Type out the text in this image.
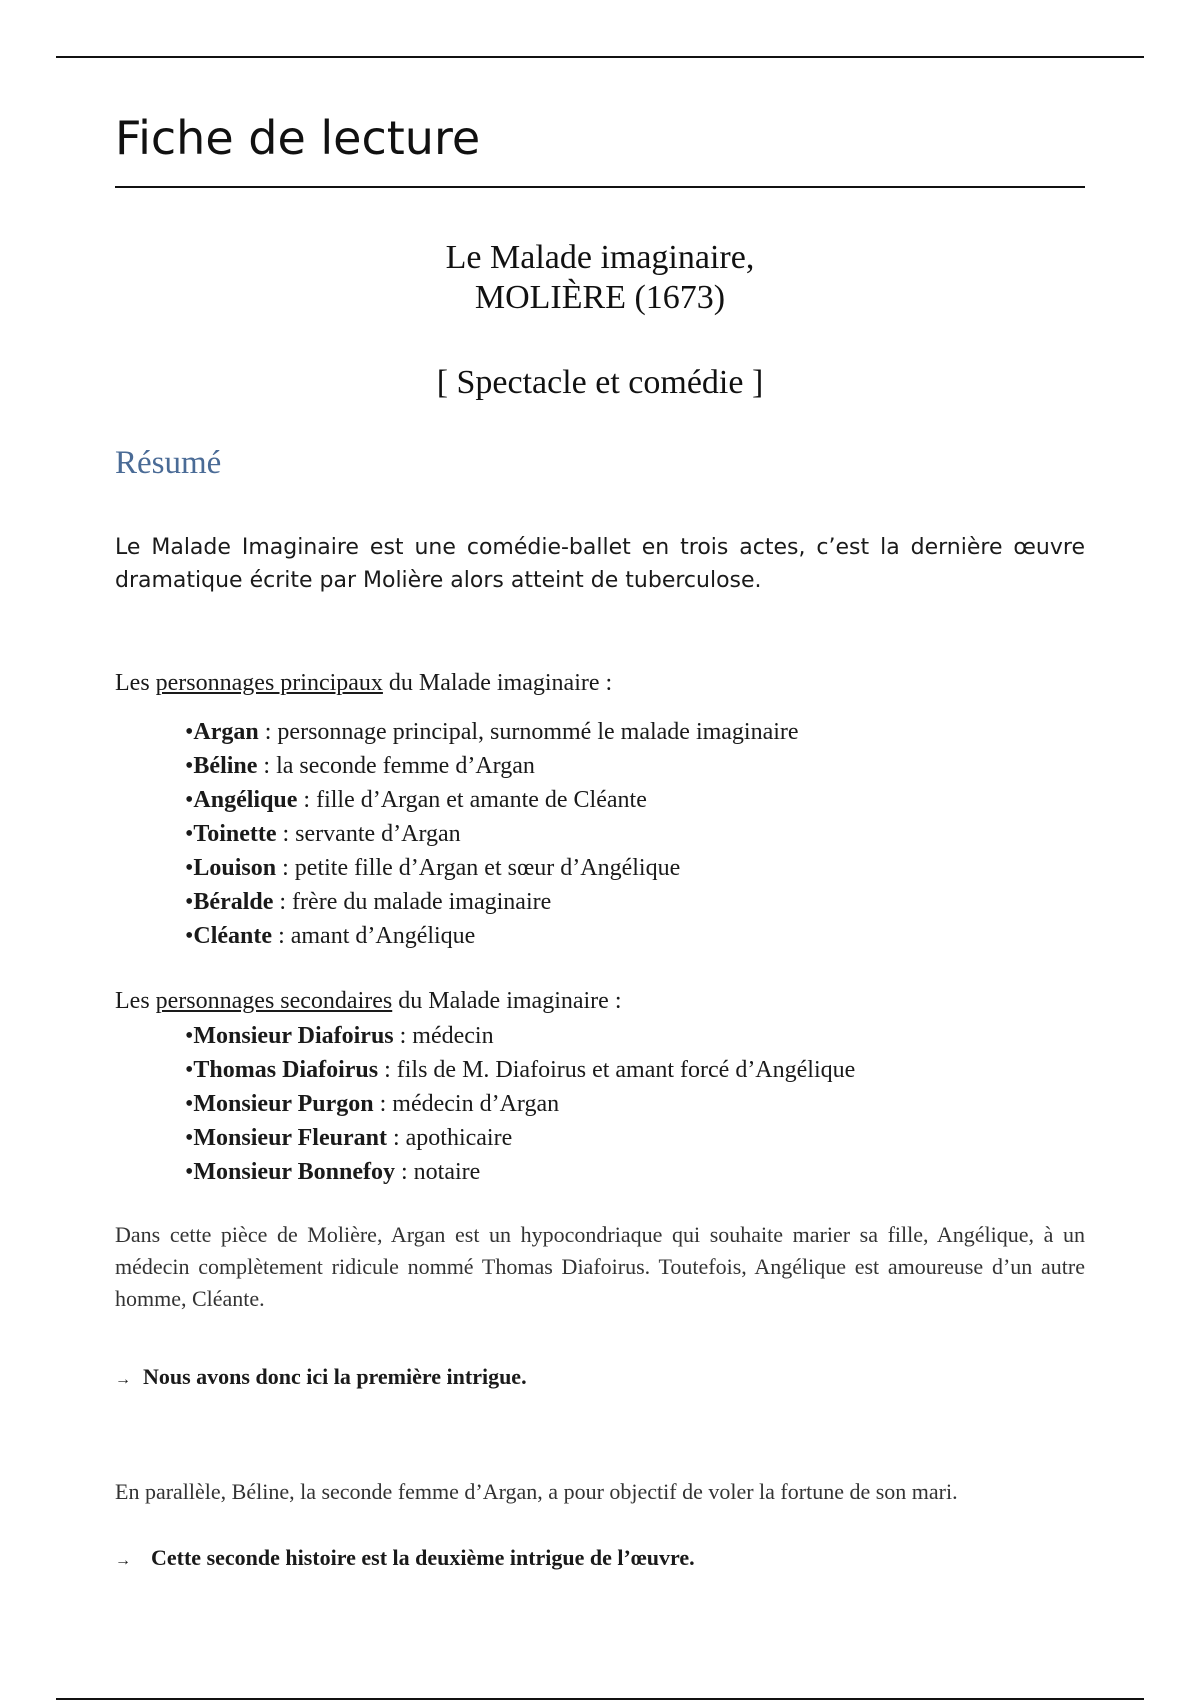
Fiche de lecture
Le Malade imaginaire,
MOLIÈRE (1673)
[ Spectacle et comédie ]
Résumé

Le Malade Imaginaire est une comédie-ballet en trois actes, c’est la dernière œuvre dramatique écrite par Molière alors atteint de tuberculose.

Les personnages principaux du Malade imaginaire :

• Argan : personnage principal, surnommé le malade imaginaire
• Béline : la seconde femme d’Argan
• Angélique : fille d’Argan et amante de Cléante
• Toinette : servante d’Argan
• Louison : petite fille d’Argan et sœur d’Angélique
• Béralde : frère du malade imaginaire
• Cléante : amant d’Angélique

Les personnages secondaires du Malade imaginaire :

• Monsieur Diafoirus : médecin
• Thomas Diafoirus : fils de M. Diafoirus et amant forcé d’Angélique
• Monsieur Purgon : médecin d’Argan
• Monsieur Fleurant : apothicaire
• Monsieur Bonnefoy : notaire

Dans cette pièce de Molière, Argan est un hypocondriaque qui souhaite marier sa fille, Angélique, à un médecin complètement ridicule nommé Thomas Diafoirus. Toutefois, Angélique est amoureuse d’un autre homme, Cléante.

→ Nous avons donc ici la première intrigue.

En parallèle, Béline, la seconde femme d’Argan, a pour objectif de voler la fortune de son mari.

→ Cette seconde histoire est la deuxième intrigue de l’œuvre.
